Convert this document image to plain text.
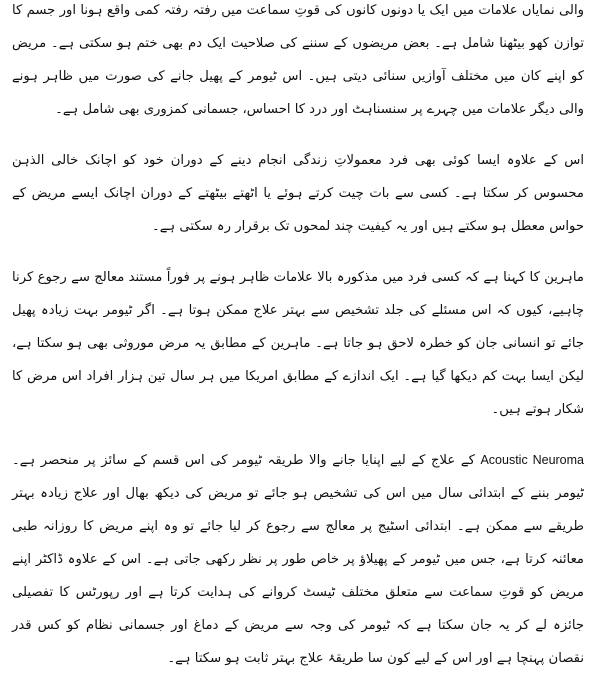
والی نمایاں علامات میں ایک یا دونوں کانوں کی قوتِ سماعت میں رفتہ رفتہ کمی واقع ہونا اور جسم کا توازن کھو بیٹھنا شامل ہے۔ بعض مریضوں کے سننے کی صلاحیت ایک دم بھی ختم ہو سکتی ہے۔ مریض کو اپنے کان میں مختلف آوازیں سنائی دیتی ہیں۔ اس ٹیومر کے پھیل جانے کی صورت میں ظاہر ہونے والی دیگر علامات میں چہرے پر سنسناہٹ اور درد کا احساس، جسمانی کمزوری بھی شامل ہے۔

اس کے علاوہ ایسا کوئی بھی فرد معمولاتِ زندگی انجام دینے کے دوران خود کو اچانک خالی الذہن محسوس کر سکتا ہے۔ کسی سے بات چیت کرتے ہوئے یا اٹھتے بیٹھتے کے دوران اچانک ایسے مریض کے حواس معطل ہو سکتے ہیں اور یہ کیفیت چند لمحوں تک برقرار رہ سکتی ہے۔

ماہرین کا کہنا ہے کہ کسی فرد میں مذکورہ بالا علامات ظاہر ہونے پر فوراً مستند معالج سے رجوع کرنا چاہیے، کیوں کہ اس مسئلے کی جلد تشخیص سے بہتر علاج ممکن ہوتا ہے۔ اگر ٹیومر بہت زیادہ پھیل جائے تو انسانی جان کو خطرہ لاحق ہو جاتا ہے۔ ماہرین کے مطابق یہ مرض موروثی بھی ہو سکتا ہے، لیکن ایسا بہت کم دیکھا گیا ہے۔ ایک اندازے کے مطابق امریکا میں ہر سال تین ہزار افراد اس مرض کا شکار ہوتے ہیں۔

Acoustic Neuroma کے علاج کے لیے اپنایا جانے والا طریقہ ٹیومر کی اس قسم کے سائز پر منحصر ہے۔ ٹیومر بننے کے ابتدائی سال میں اس کی تشخیص ہو جائے تو مریض کی دیکھ بھال اور علاج زیادہ بہتر طریقے سے ممکن ہے۔ ابتدائی اسٹیج پر معالج سے رجوع کر لیا جائے تو وہ اپنے مریض کا روزانہ طبی معائنہ کرتا ہے، جس میں ٹیومر کے پھیلاؤ پر خاص طور پر نظر رکھی جاتی ہے۔ اس کے علاوہ ڈاکٹر اپنے مریض کو قوتِ سماعت سے متعلق مختلف ٹیسٹ کروانے کی ہدایت کرتا ہے اور رپورٹس کا تفصیلی جائزہ لے کر یہ جان سکتا ہے کہ ٹیومر کی وجہ سے مریض کے دماغ اور جسمانی نظام کو کس قدر نقصان پہنچا ہے اور اس کے لیے کون سا طریقۂ علاج بہتر ثابت ہو سکتا ہے۔
